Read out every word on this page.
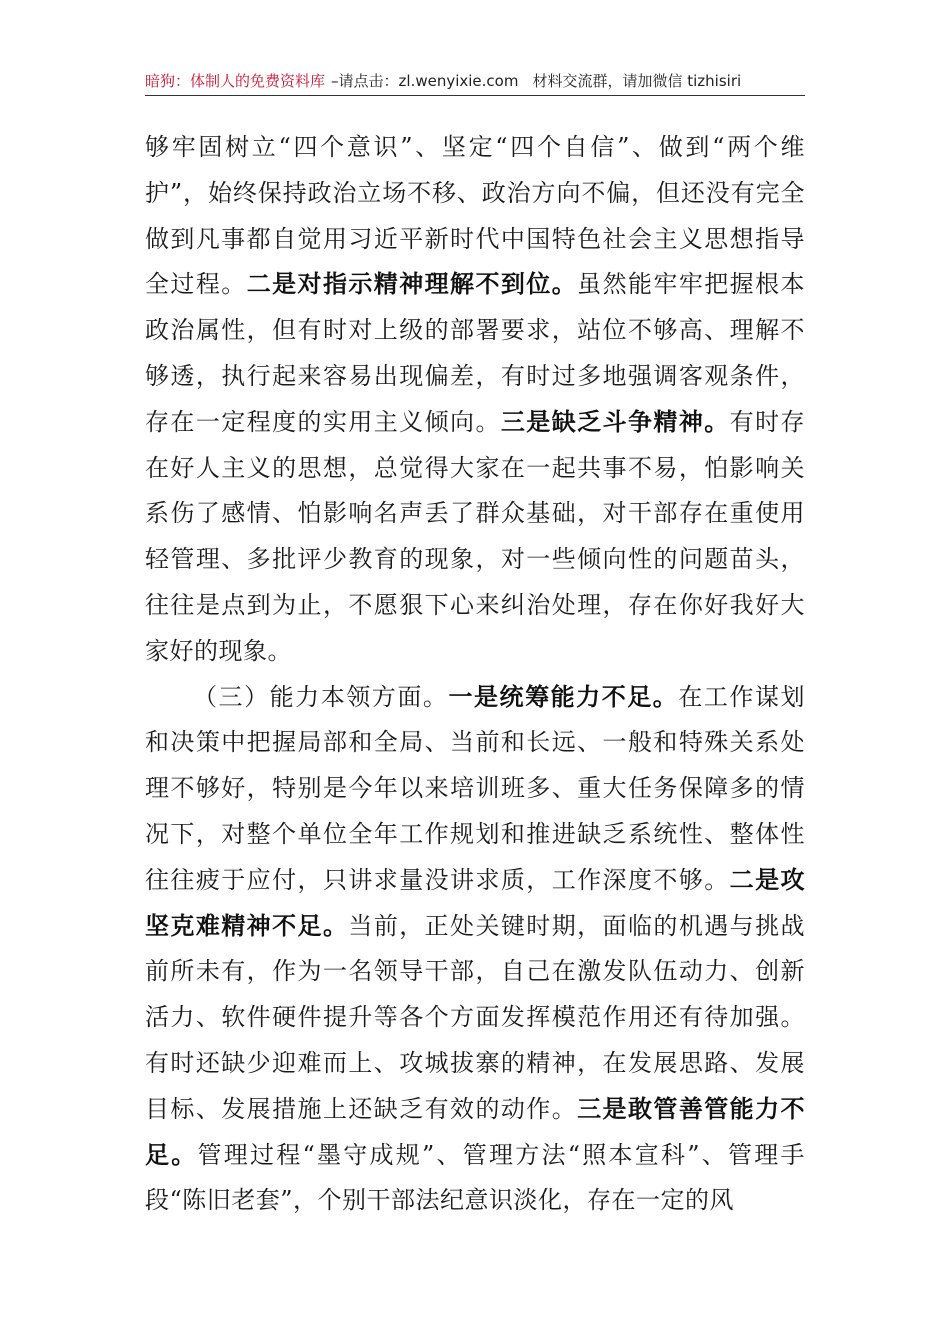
暗狗：体制人的免费资料库 –请点击：zl.wenyixie.com 材料交流群，请加微信 tizhisiri

够牢固树立“四个意识”、坚定“四个自信”、做到“两个维护”，始终保持政治立场不移、政治方向不偏，但还没有完全做到凡事都自觉用习近平新时代中国特色社会主义思想指导全过程。二是对指示精神理解不到位。虽然能牢牢把握根本政治属性，但有时对上级的部署要求，站位不够高、理解不够透，执行起来容易出现偏差，有时过多地强调客观条件，存在一定程度的实用主义倾向。三是缺乏斗争精神。有时存在好人主义的思想，总觉得大家在一起共事不易，怕影响关系伤了感情、怕影响名声丢了群众基础，对干部存在重使用轻管理、多批评少教育的现象，对一些倾向性的问题苗头，往往是点到为止，不愿狠下心来纠治处理，存在你好我好大家好的现象。

（三）能力本领方面。一是统筹能力不足。在工作谋划和决策中把握局部和全局、当前和长远、一般和特殊关系处理不够好，特别是今年以来培训班多、重大任务保障多的情况下，对整个单位全年工作规划和推进缺乏系统性、整体性往往疲于应付，只讲求量没讲求质，工作深度不够。二是攻坚克难精神不足。当前，正处关键时期，面临的机遇与挑战前所未有，作为一名领导干部，自己在激发队伍动力、创新活力、软件硬件提升等各个方面发挥模范作用还有待加强。有时还缺少迎难而上、攻城拔寨的精神，在发展思路、发展目标、发展措施上还缺乏有效的动作。三是敢管善管能力不足。管理过程“墨守成规”、管理方法“照本宣科”、管理手段“陈旧老套”，个别干部法纪意识淡化，存在一定的风
